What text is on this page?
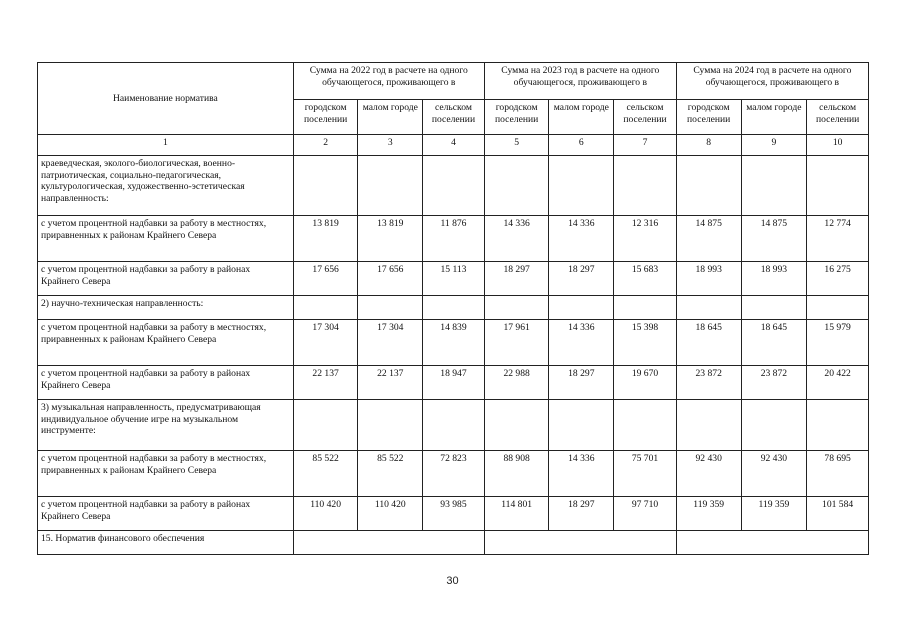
Наименование норматива	Сумма на 2022 год в расчете на одного обучающегося, проживающего в			Сумма на 2023 год в расчете на одного обучающегося, проживающего в			Сумма на 2024 год в расчете на одного обучающегося, проживающего в		
	городском поселении	малом городе	сельском поселении	городском поселении	малом городе	сельском поселении	городском поселении	малом городе	сельском поселении
1	2	3	4	5	6	7	8	9	10
краеведческая, эколого-биологическая, военно-патриотическая, социально-педагогическая, культурологическая, художественно-эстетическая направленность:									
с учетом процентной надбавки за работу в местностях, приравненных к районам Крайнего Севера	13 819	13 819	11 876	14 336	14 336	12 316	14 875	14 875	12 774
с учетом процентной надбавки за работу в районах Крайнего Севера	17 656	17 656	15 113	18 297	18 297	15 683	18 993	18 993	16 275
2) научно-техническая направленность:									
с учетом процентной надбавки за работу в местностях, приравненных к районам Крайнего Севера	17 304	17 304	14 839	17 961	14 336	15 398	18 645	18 645	15 979
с учетом процентной надбавки за работу в районах Крайнего Севера	22 137	22 137	18 947	22 988	18 297	19 670	23 872	23 872	20 422
3) музыкальная направленность, предусматривающая индивидуальное обучение игре на музыкальном инструменте:									
с учетом процентной надбавки за работу в местностях, приравненных к районам Крайнего Севера	85 522	85 522	72 823	88 908	14 336	75 701	92 430	92 430	78 695
с учетом процентной надбавки за работу в районах Крайнего Севера	110 420	110 420	93 985	114 801	18 297	97 710	119 359	119 359	101 584
15. Норматив финансового обеспечения									
30
